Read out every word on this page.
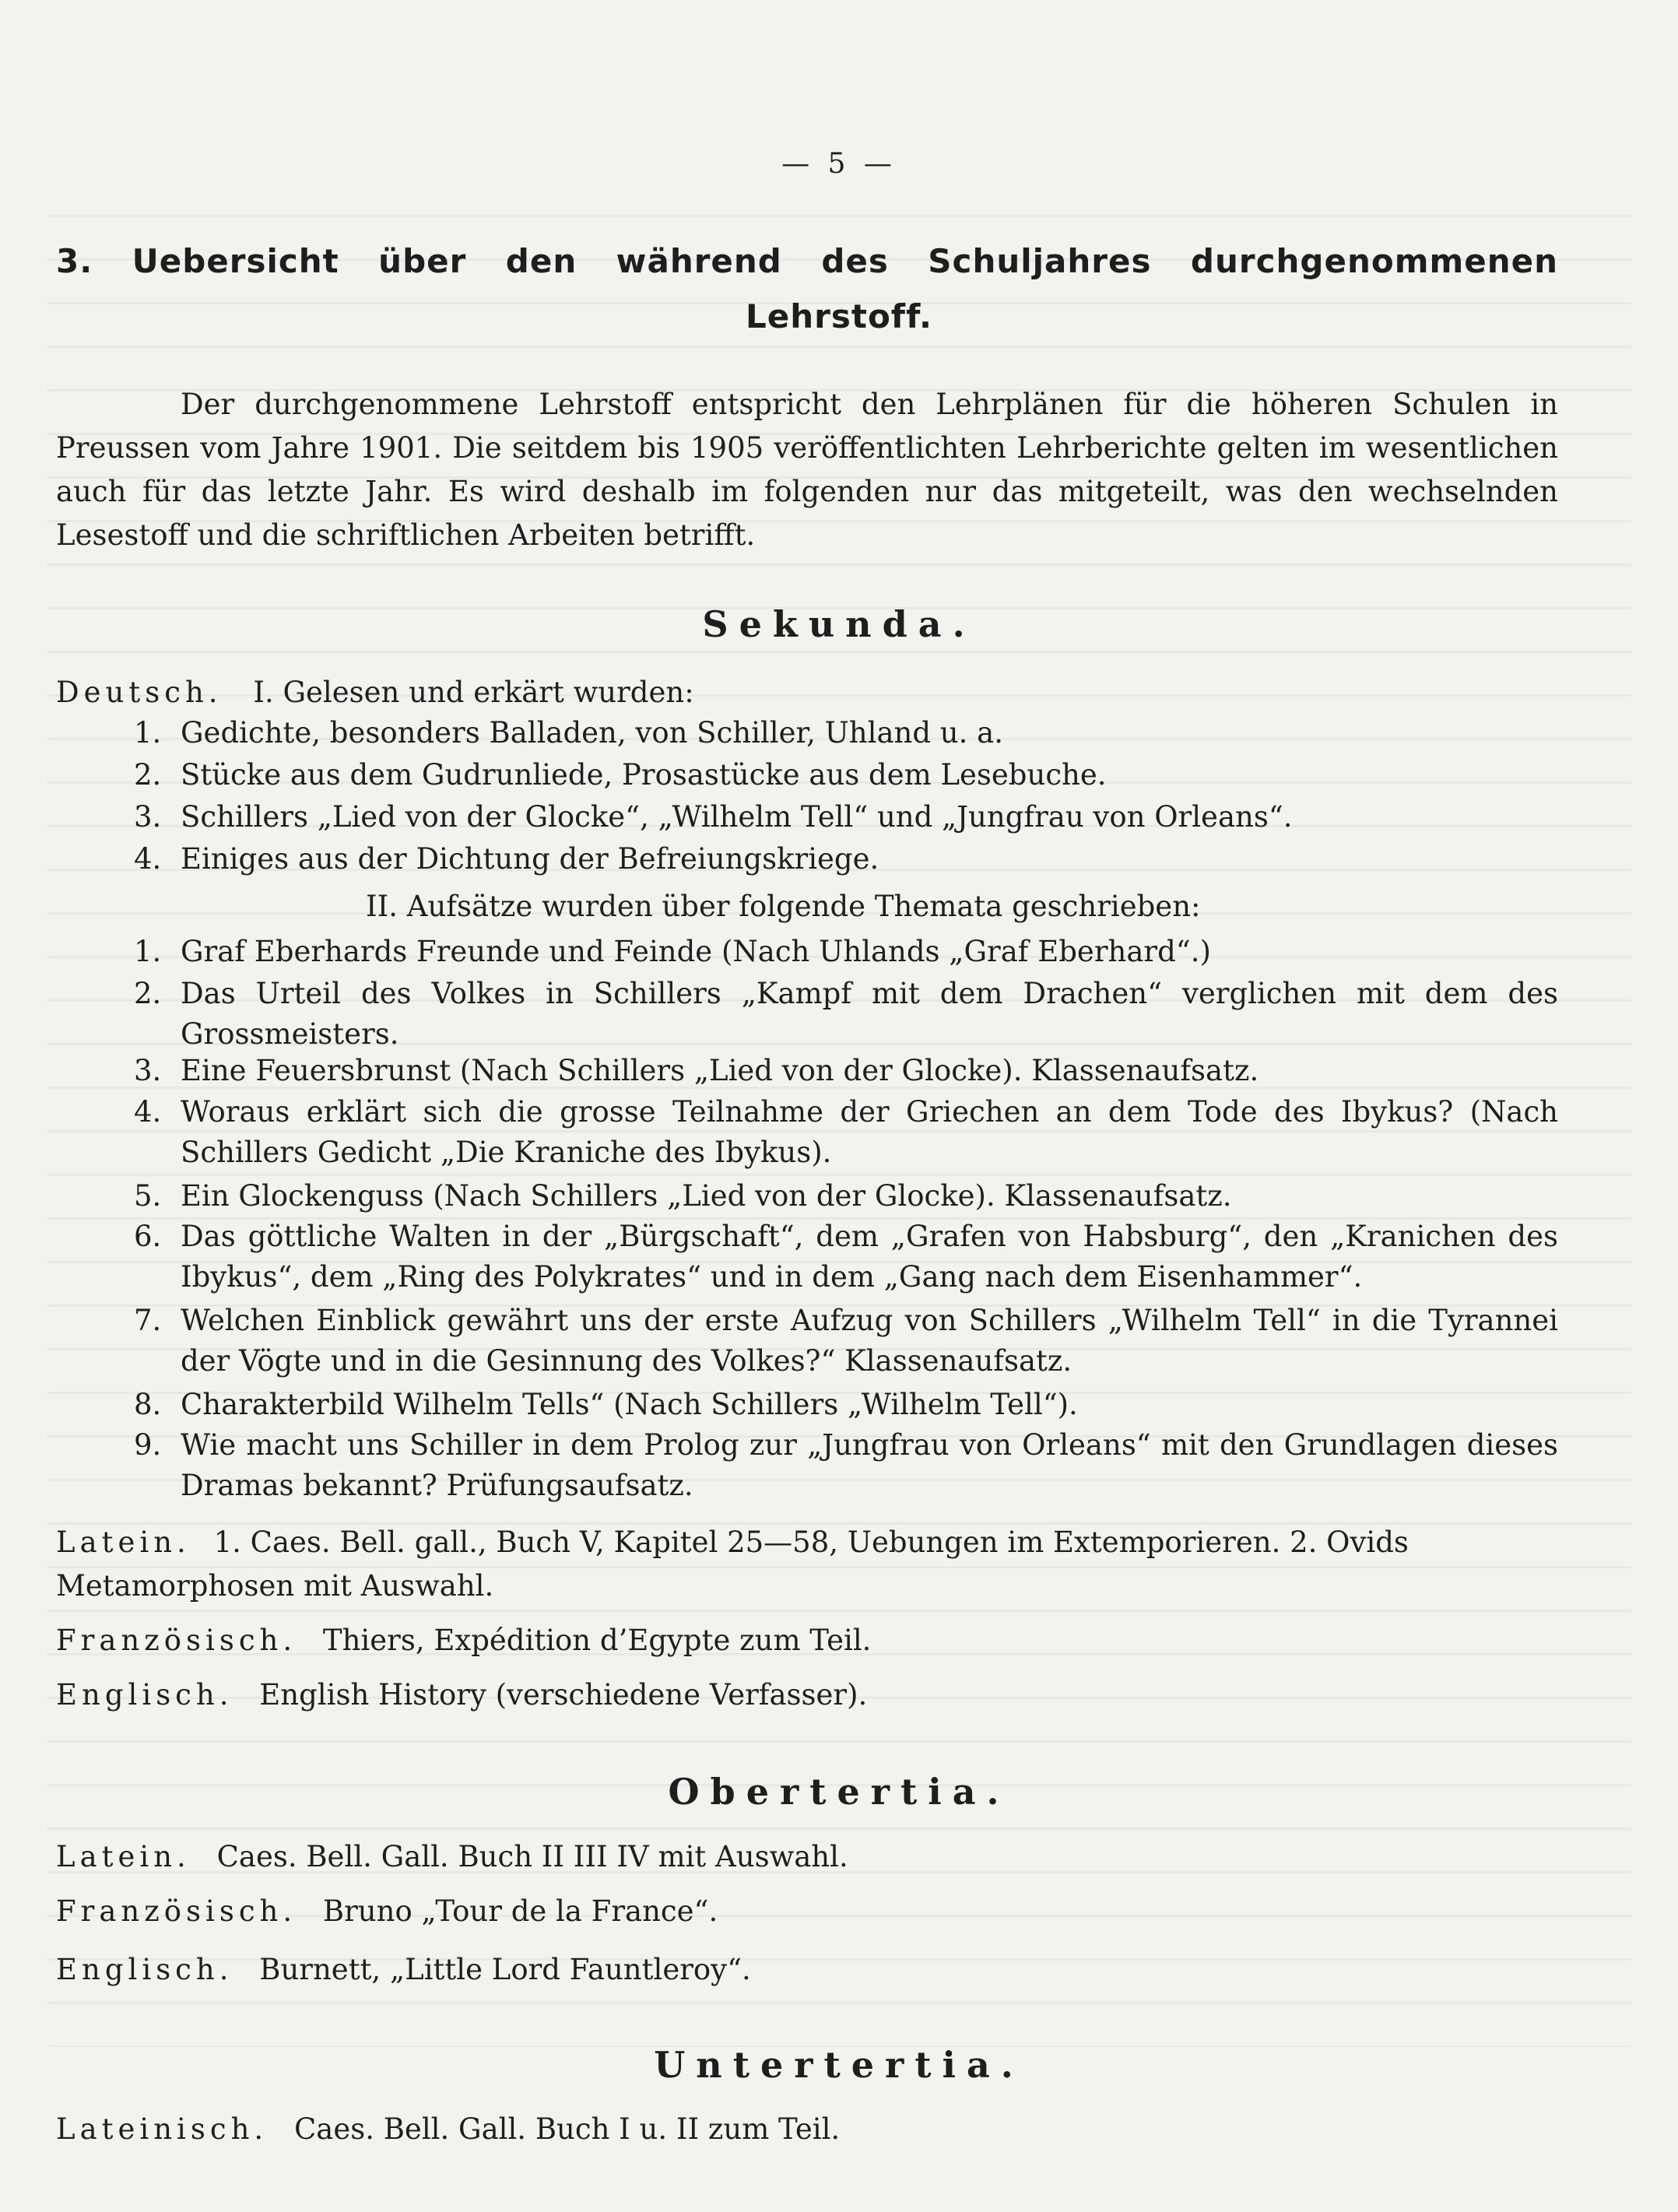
— 5 —
3. Uebersicht über den während des Schuljahres durchgenommenen
Lehrstoff.
Der durchgenommene Lehrstoff entspricht den Lehrplänen für die höheren Schulen in Preussen vom Jahre 1901. Die seitdem bis 1905 veröffentlichten Lehrberichte gelten im wesentlichen auch für das letzte Jahr. Es wird deshalb im folgenden nur das mitgeteilt, was den wechselnden Lesestoff und die schriftlichen Arbeiten betrifft.
Sekunda.
Deutsch. I. Gelesen und erkärt wurden:
1. Gedichte, besonders Balladen, von Schiller, Uhland u. a.
2. Stücke aus dem Gudrunliede, Prosastücke aus dem Lesebuche.
3. Schillers „Lied von der Glocke“, „Wilhelm Tell“ und „Jungfrau von Orleans“.
4. Einiges aus der Dichtung der Befreiungskriege.
II. Aufsätze wurden über folgende Themata geschrieben:
1. Graf Eberhards Freunde und Feinde (Nach Uhlands „Graf Eberhard“.)
2. Das Urteil des Volkes in Schillers „Kampf mit dem Drachen“ verglichen mit dem des Grossmeisters.
3. Eine Feuersbrunst (Nach Schillers „Lied von der Glocke). Klassenaufsatz.
4. Woraus erklärt sich die grosse Teilnahme der Griechen an dem Tode des Ibykus? (Nach Schillers Gedicht „Die Kraniche des Ibykus).
5. Ein Glockenguss (Nach Schillers „Lied von der Glocke). Klassenaufsatz.
6. Das göttliche Walten in der „Bürgschaft“, dem „Grafen von Habsburg“, den „Kranichen des Ibykus“, dem „Ring des Polykrates“ und in dem „Gang nach dem Eisenhammer“.
7. Welchen Einblick gewährt uns der erste Aufzug von Schillers „Wilhelm Tell“ in die Tyrannei der Vögte und in die Gesinnung des Volkes?“ Klassenaufsatz.
8. Charakterbild Wilhelm Tells“ (Nach Schillers „Wilhelm Tell“).
9. Wie macht uns Schiller in dem Prolog zur „Jungfrau von Orleans“ mit den Grundlagen dieses Dramas bekannt? Prüfungsaufsatz.
Latein. 1. Caes. Bell. gall., Buch V, Kapitel 25—58, Uebungen im Extemporieren. 2. Ovids Metamorphosen mit Auswahl.
Französisch. Thiers, Expédition d’Egypte zum Teil.
Englisch. English History (verschiedene Verfasser).
Obertertia.
Latein. Caes. Bell. Gall. Buch II III IV mit Auswahl.
Französisch. Bruno „Tour de la France“.
Englisch. Burnett, „Little Lord Fauntleroy“.
Untertertia.
Lateinisch. Caes. Bell. Gall. Buch I u. II zum Teil.
